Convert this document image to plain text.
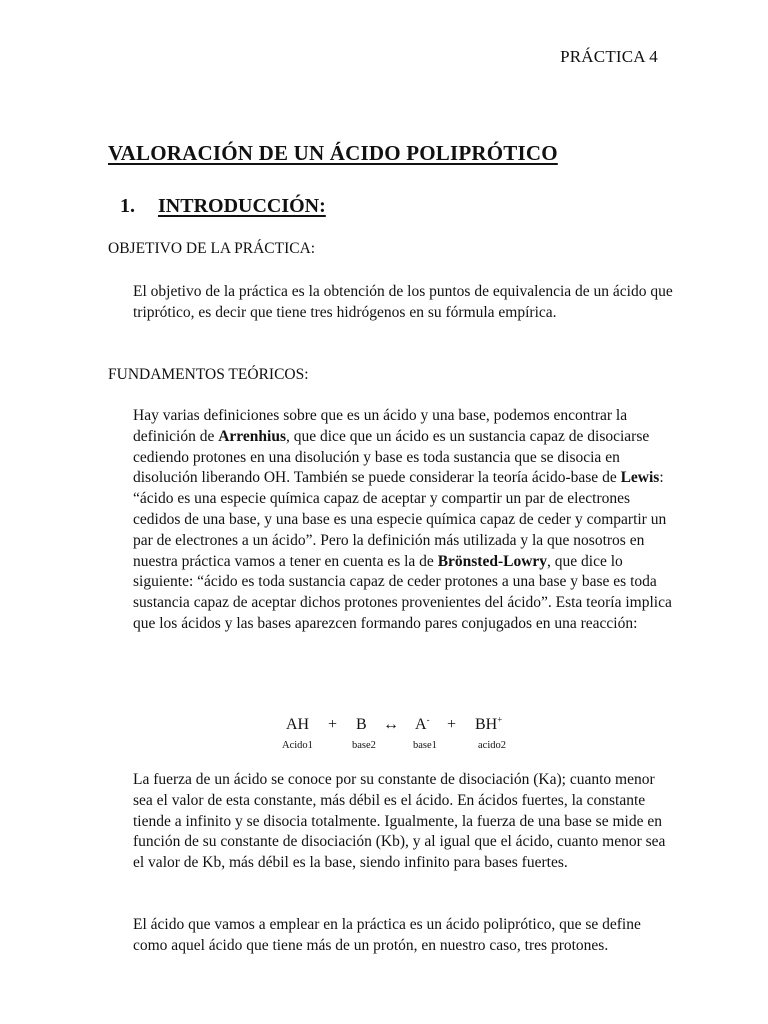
PRÁCTICA 4
VALORACIÓN DE UN ÁCIDO POLIPRÓTICO
1.	INTRODUCCIÓN:
OBJETIVO DE LA PRÁCTICA:

El objetivo de la práctica es la obtención de los puntos de equivalencia de un ácido que triprótico, es decir que tiene tres hidrógenos en su fórmula empírica.

FUNDAMENTOS TEÓRICOS:

Hay varias definiciones sobre que es un ácido y una base, podemos encontrar la definición de Arrenhius, que dice que un ácido es un sustancia capaz de disociarse cediendo protones en una disolución y base es toda sustancia que se disocia en disolución liberando OH. También se puede considerar la teoría ácido-base de Lewis: “ácido es una especie química capaz de aceptar y compartir un par de electrones cedidos de una base, y una base es una especie química capaz de ceder y compartir un par de electrones a un ácido”. Pero la definición más utilizada y la que nosotros en nuestra práctica vamos a tener en cuenta es la de Brönsted-Lowry, que dice lo siguiente: “ácido es toda sustancia capaz de ceder protones a una base y base es toda sustancia capaz de aceptar dichos protones provenientes del ácido”. Esta teoría implica que los ácidos y las bases aparezcen formando pares conjugados en una reacción:

AH + B ↔ A- + BH+
Acido1	base2	base1	acido2

La fuerza de un ácido se conoce por su constante de disociación (Ka); cuanto menor sea el valor de esta constante, más débil es el ácido. En ácidos fuertes, la constante tiende a infinito y se disocia totalmente. Igualmente, la fuerza de una base se mide en función de su constante de disociación (Kb), y al igual que el ácido, cuanto menor sea el valor de Kb, más débil es la base, siendo infinito para bases fuertes.

El ácido que vamos a emplear en la práctica es un ácido poliprótico, que se define como aquel ácido que tiene más de un protón, en nuestro caso, tres protones.
